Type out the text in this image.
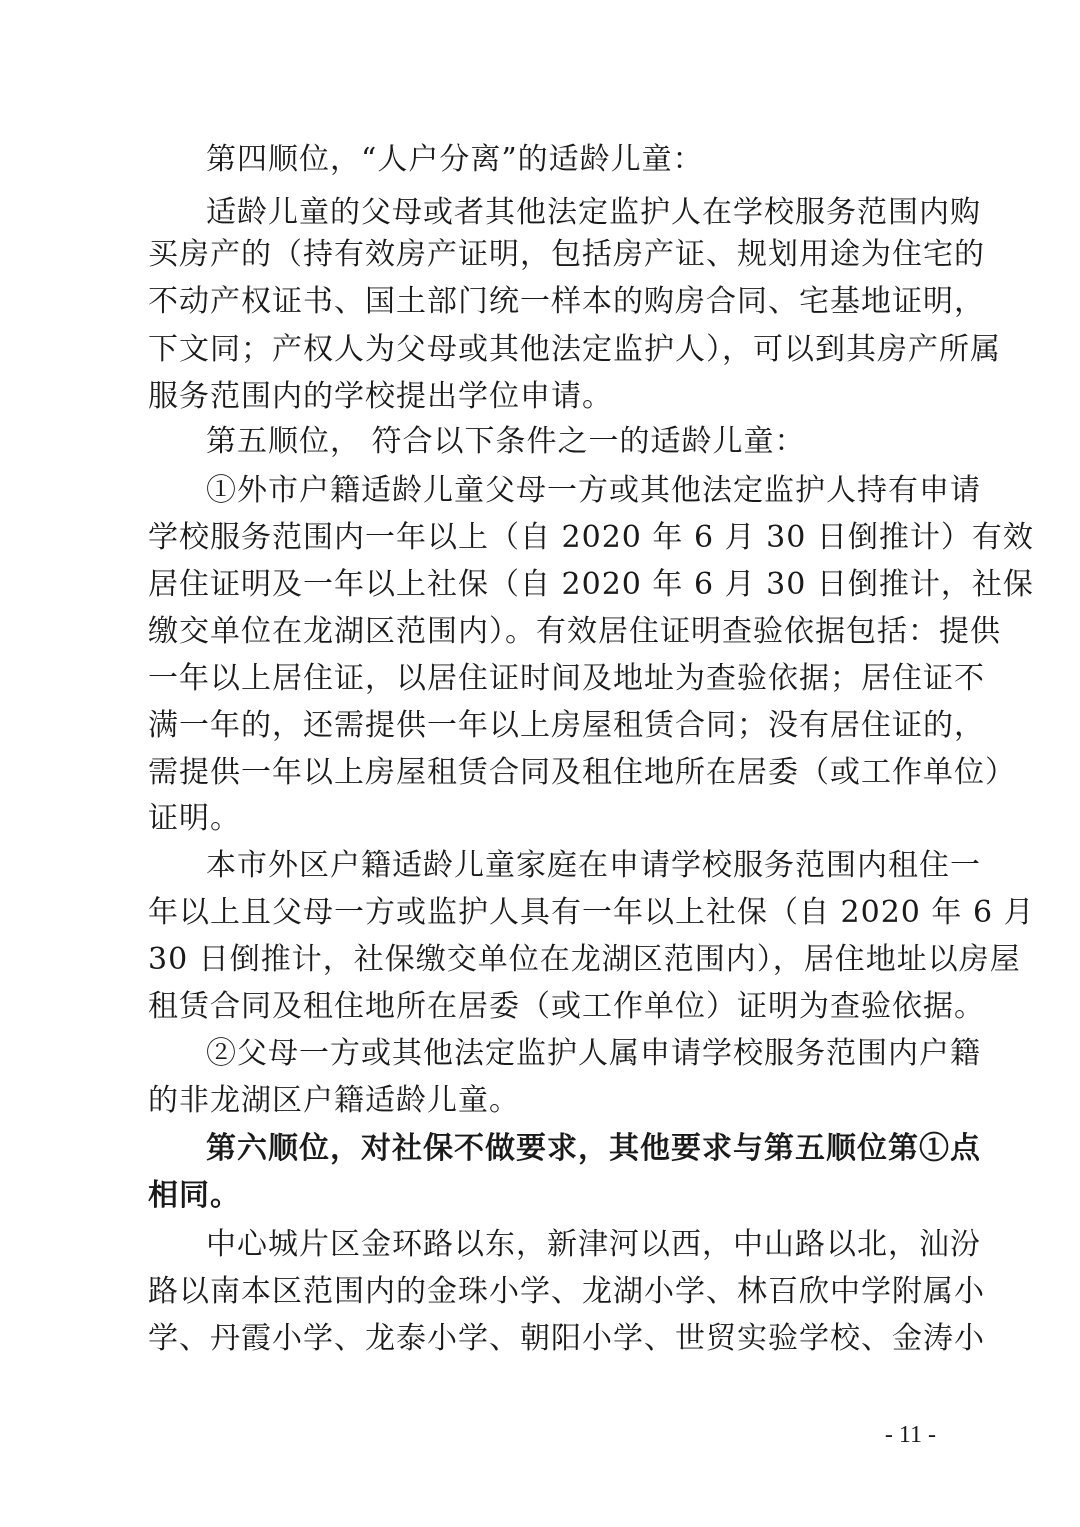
第四顺位，“人户分离”的适龄儿童：
适龄儿童的父母或者其他法定监护人在学校服务范围内购
买房产的（持有效房产证明，包括房产证、规划用途为住宅的
不动产权证书、国土部门统一样本的购房合同、宅基地证明，
下文同；产权人为父母或其他法定监护人），可以到其房产所属
服务范围内的学校提出学位申请。
第五顺位， 符合以下条件之一的适龄儿童：
①外市户籍适龄儿童父母一方或其他法定监护人持有申请
学校服务范围内一年以上（自 2020 年 6 月 30 日倒推计）有效
居住证明及一年以上社保（自 2020 年 6 月 30 日倒推计，社保
缴交单位在龙湖区范围内）。有效居住证明查验依据包括：提供
一年以上居住证，以居住证时间及地址为查验依据；居住证不
满一年的，还需提供一年以上房屋租赁合同；没有居住证的，
需提供一年以上房屋租赁合同及租住地所在居委（或工作单位）
证明。
本市外区户籍适龄儿童家庭在申请学校服务范围内租住一
年以上且父母一方或监护人具有一年以上社保（自 2020 年 6 月
30 日倒推计，社保缴交单位在龙湖区范围内），居住地址以房屋
租赁合同及租住地所在居委（或工作单位）证明为查验依据。
②父母一方或其他法定监护人属申请学校服务范围内户籍
的非龙湖区户籍适龄儿童。
第六顺位，对社保不做要求，其他要求与第五顺位第①点
相同。
中心城片区金环路以东，新津河以西，中山路以北，汕汾
路以南本区范围内的金珠小学、龙湖小学、林百欣中学附属小
学、丹霞小学、龙泰小学、朝阳小学、世贸实验学校、金涛小
- 11 -
